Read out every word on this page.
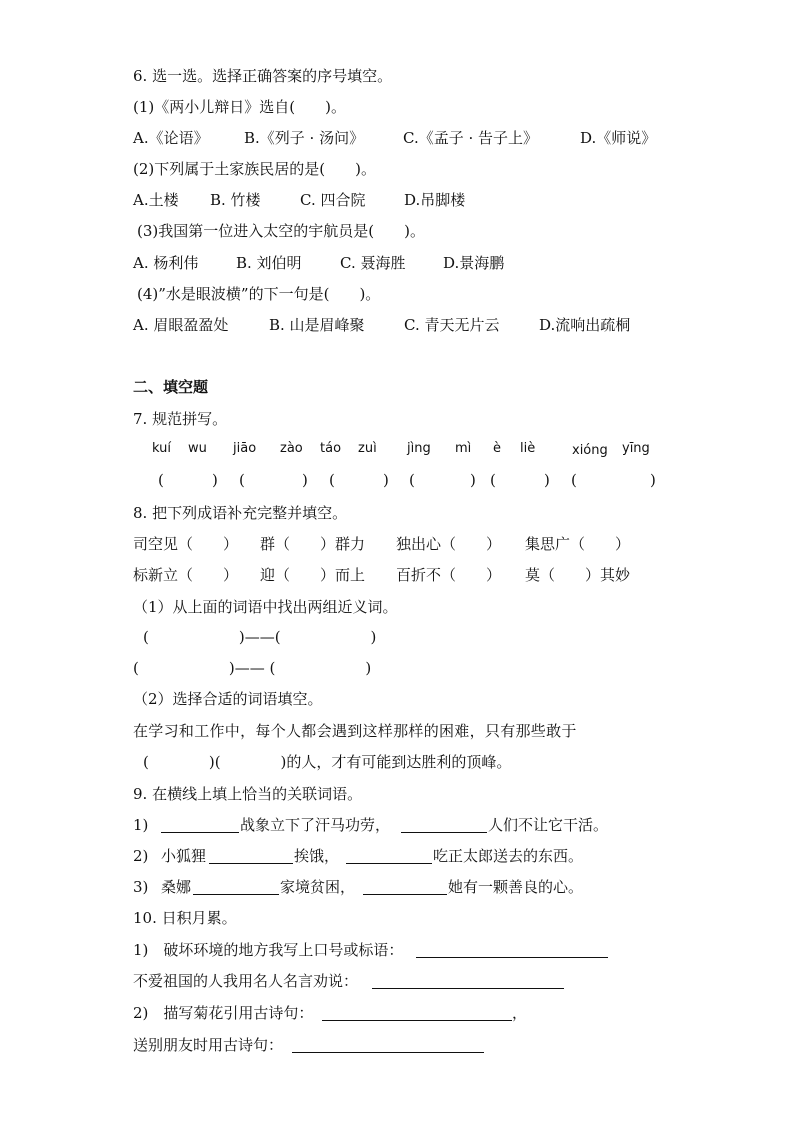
6. 选一选。选择正确答案的序号填空。
(1)《两小儿辩日》选自(　　)。
A.《论语》 B.《列子 · 汤问》	C.《孟子 · 告子上》	D.《师说》
(2)下列属于土家族民居的是(　　)。
A.土楼 B. 竹楼	C. 四合院	D.吊脚楼
(3)我国第一位进入太空的宇航员是(　　)。
A. 杨利伟	B. 刘伯明	C. 聂海胜	D.景海鹏
(4)”水是眼波横”的下一句是(　　)。
A. 眉眼盈盈处	B. 山是眉峰聚	C. 青天无片云	D.流响出疏桐
二、填空题
7. 规范拼写。
kuí wu jiāo zào táo zuì jìng mì è liè	xióng yīng
(	) (	) (	) (	) (	) (	)
8. 把下列成语补充完整并填空。
司空见（　　） 群（　　）群力 独出心（　　） 集思广（　　）
标新立（　　） 迎（　　）而上 百折不（　　） 莫（　　）其妙
（1）从上面的词语中找出两组近义词。
(　　　　　　)——(　　　　　　)
(　　　　　　)—— (　　　　　　)
（2）选择合适的词语填空。
在学习和工作中，每个人都会遇到这样那样的困难，只有那些敢于
(　　　　)(　　　　)的人，才有可能到达胜利的顶峰。
9. 在横线上填上恰当的关联词语。
1)	战象立下了汗马功劳，	人们不让它干活。
2) 小狐狸	挨饿，	吃正太郎送去的东西。
3) 桑娜	家境贫困，	她有一颗善良的心。
10. 日积月累。
1)　破坏环境的地方我写上口号或标语：
不爱祖国的人我用名人名言劝说：
2)　描写菊花引用古诗句：	，
送别朋友时用古诗句：
